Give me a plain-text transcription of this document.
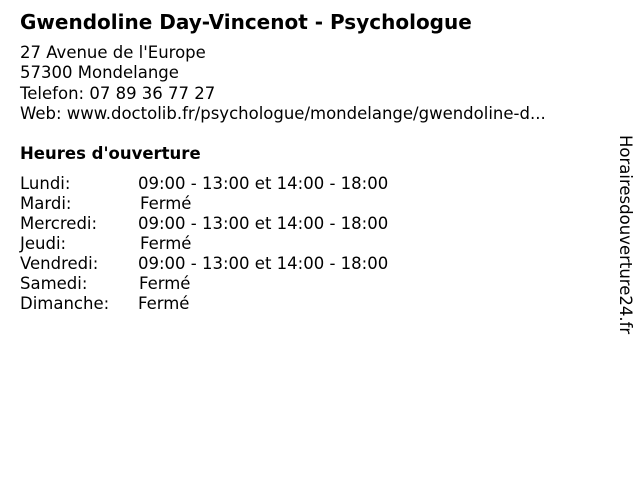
Gwendoline Day-Vincenot - Psychologue
27 Avenue de l'Europe
57300 Mondelange
Telefon: 07 89 36 77 27
Web: www.doctolib.fr/psychologue/mondelange/gwendoline-d...
Heures d'ouverture
Lundi:	09:00 - 13:00 et 14:00 - 18:00
Mardi:	Fermé
Mercredi: 09:00 - 13:00 et 14:00 - 18:00
Jeudi:	Fermé
Vendredi: 09:00 - 13:00 et 14:00 - 18:00
Samedi:	Fermé
Dimanche: Fermé	Horairesdouverture24.fr
